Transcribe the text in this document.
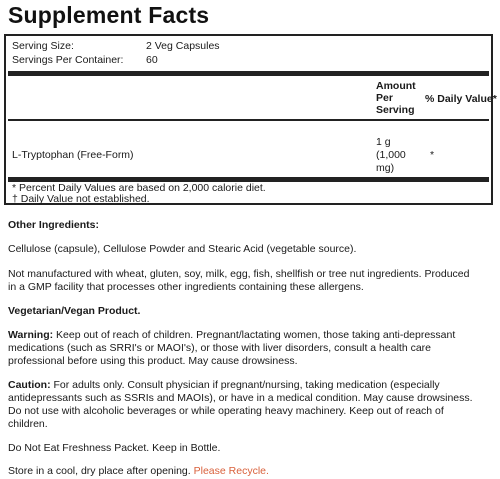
Supplement Facts
Serving Size:	2 Veg Capsules
Servings Per Container: 60
Amount
Per
Serving
% Daily Value*
L-Tryptophan (Free-Form)
1 g
(1,000
mg)
*
* Percent Daily Values are based on 2,000 calorie diet.
† Daily Value not established.
Other Ingredients:
Cellulose (capsule), Cellulose Powder and Stearic Acid (vegetable source).
Not manufactured with wheat, gluten, soy, milk, egg, fish, shellfish or tree nut ingredients. Produced
in a GMP facility that processes other ingredients containing these allergens.
Vegetarian/Vegan Product.
Warning: Keep out of reach of children. Pregnant/lactating women, those taking anti-depressant
medications (such as SRRI's or MAOI's), or those with liver disorders, consult a health care
professional before using this product. May cause drowsiness.
Caution: For adults only. Consult physician if pregnant/nursing, taking medication (especially
antidepressants such as SSRIs and MAOIs), or have in a medical condition. May cause drowsiness.
Do not use with alcoholic beverages or while operating heavy machinery. Keep out of reach of
children.
Do Not Eat Freshness Packet. Keep in Bottle.
Store in a cool, dry place after opening. Please Recycle.
